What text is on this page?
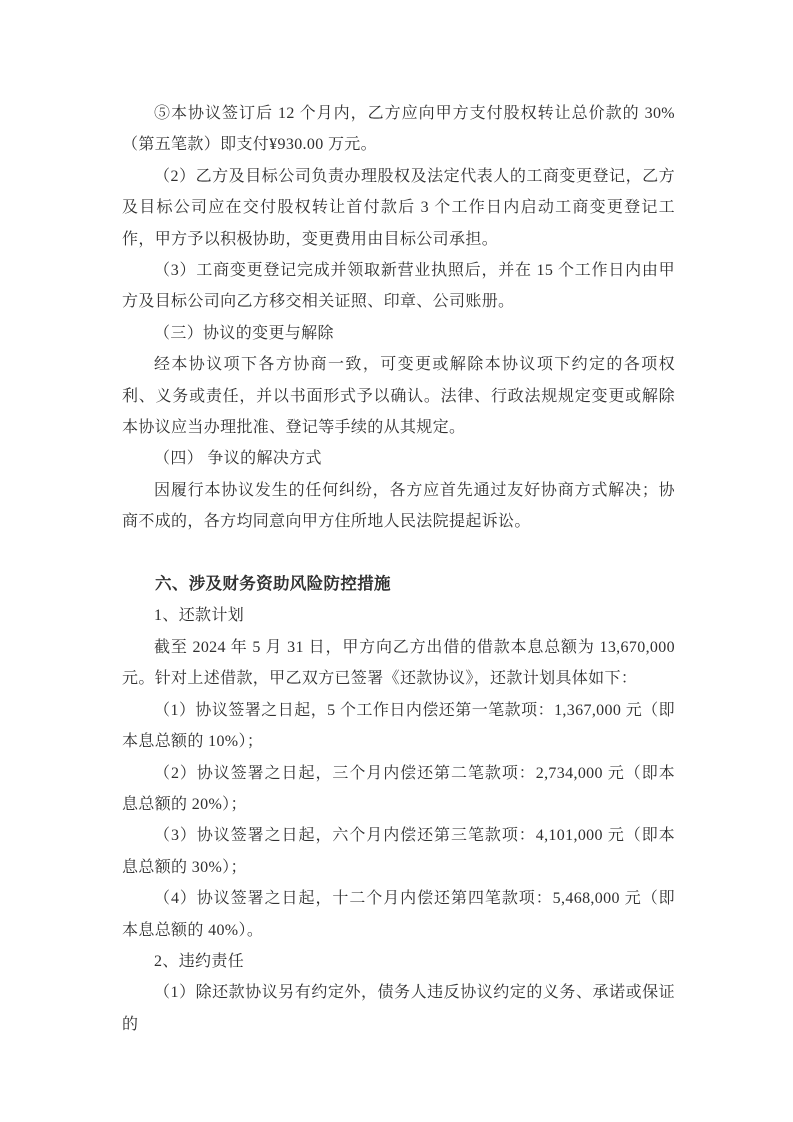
⑤本协议签订后 12 个月内，乙方应向甲方支付股权转让总价款的 30%（第五笔款）即支付¥930.00 万元。

（2）乙方及目标公司负责办理股权及法定代表人的工商变更登记，乙方及目标公司应在交付股权转让首付款后 3 个工作日内启动工商变更登记工作，甲方予以积极协助，变更费用由目标公司承担。

（3）工商变更登记完成并领取新营业执照后，并在 15 个工作日内由甲方及目标公司向乙方移交相关证照、印章、公司账册。

（三）协议的变更与解除

经本协议项下各方协商一致，可变更或解除本协议项下约定的各项权利、义务或责任，并以书面形式予以确认。法律、行政法规规定变更或解除本协议应当办理批准、登记等手续的从其规定。

（四） 争议的解决方式

因履行本协议发生的任何纠纷，各方应首先通过友好协商方式解决；协商不成的，各方均同意向甲方住所地人民法院提起诉讼。

六、涉及财务资助风险防控措施

1、还款计划

截至 2024 年 5 月 31 日，甲方向乙方出借的借款本息总额为 13,670,000 元。针对上述借款，甲乙双方已签署《还款协议》，还款计划具体如下：

（1）协议签署之日起，5 个工作日内偿还第一笔款项：1,367,000 元（即本息总额的 10%）；

（2）协议签署之日起，三个月内偿还第二笔款项：2,734,000 元（即本息总额的 20%）；

（3）协议签署之日起，六个月内偿还第三笔款项：4,101,000 元（即本息总额的 30%）；

（4）协议签署之日起，十二个月内偿还第四笔款项：5,468,000 元（即本息总额的 40%）。

2、违约责任

（1）除还款协议另有约定外，债务人违反协议约定的义务、承诺或保证的
